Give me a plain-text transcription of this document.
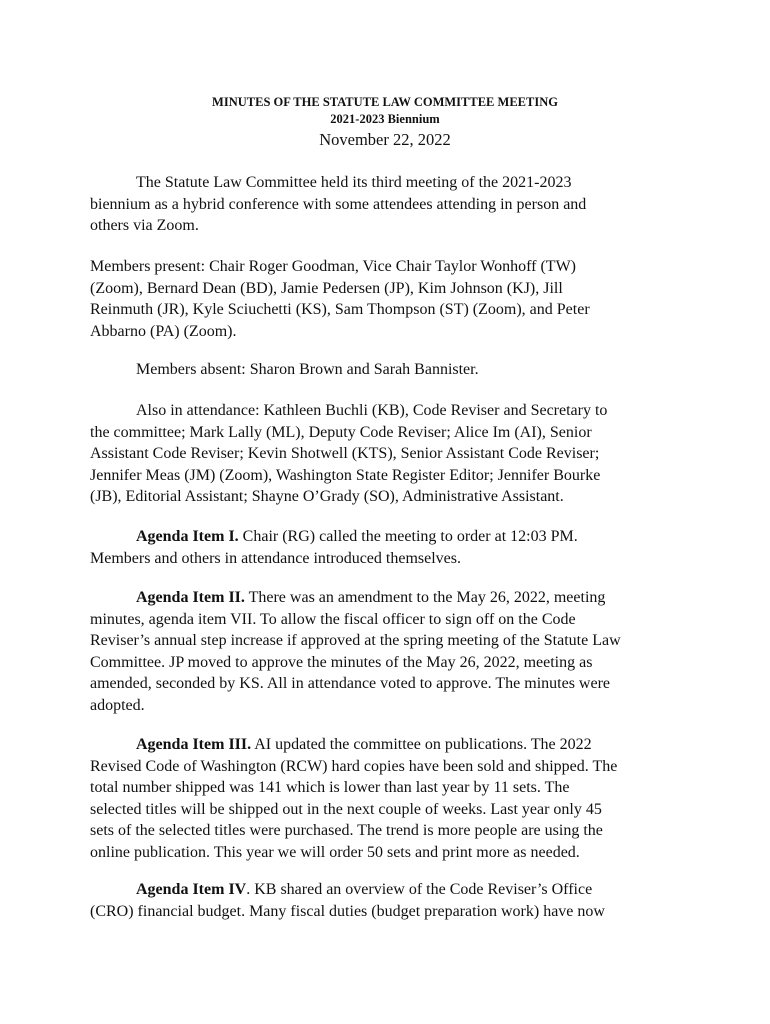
MINUTES OF THE STATUTE LAW COMMITTEE MEETING
2021-2023 Biennium
November 22, 2022
The Statute Law Committee held its third meeting of the 2021-2023
biennium as a hybrid conference with some attendees attending in person and
others via Zoom.
Members present: Chair Roger Goodman, Vice Chair Taylor Wonhoff (TW)
(Zoom), Bernard Dean (BD), Jamie Pedersen (JP), Kim Johnson (KJ), Jill
Reinmuth (JR), Kyle Sciuchetti (KS), Sam Thompson (ST) (Zoom), and Peter
Abbarno (PA) (Zoom).
Members absent: Sharon Brown and Sarah Bannister.
Also in attendance: Kathleen Buchli (KB), Code Reviser and Secretary to
the committee; Mark Lally (ML), Deputy Code Reviser; Alice Im (AI), Senior
Assistant Code Reviser; Kevin Shotwell (KTS), Senior Assistant Code Reviser;
Jennifer Meas (JM) (Zoom), Washington State Register Editor; Jennifer Bourke
(JB), Editorial Assistant; Shayne O’Grady (SO), Administrative Assistant.
Agenda Item I. Chair (RG) called the meeting to order at 12:03 PM.
Members and others in attendance introduced themselves.
Agenda Item II. There was an amendment to the May 26, 2022, meeting
minutes, agenda item VII. To allow the fiscal officer to sign off on the Code
Reviser’s annual step increase if approved at the spring meeting of the Statute Law
Committee. JP moved to approve the minutes of the May 26, 2022, meeting as
amended, seconded by KS. All in attendance voted to approve. The minutes were
adopted.
Agenda Item III. AI updated the committee on publications. The 2022
Revised Code of Washington (RCW) hard copies have been sold and shipped. The
total number shipped was 141 which is lower than last year by 11 sets. The
selected titles will be shipped out in the next couple of weeks. Last year only 45
sets of the selected titles were purchased. The trend is more people are using the
online publication. This year we will order 50 sets and print more as needed.
Agenda Item IV. KB shared an overview of the Code Reviser’s Office
(CRO) financial budget. Many fiscal duties (budget preparation work) have now
